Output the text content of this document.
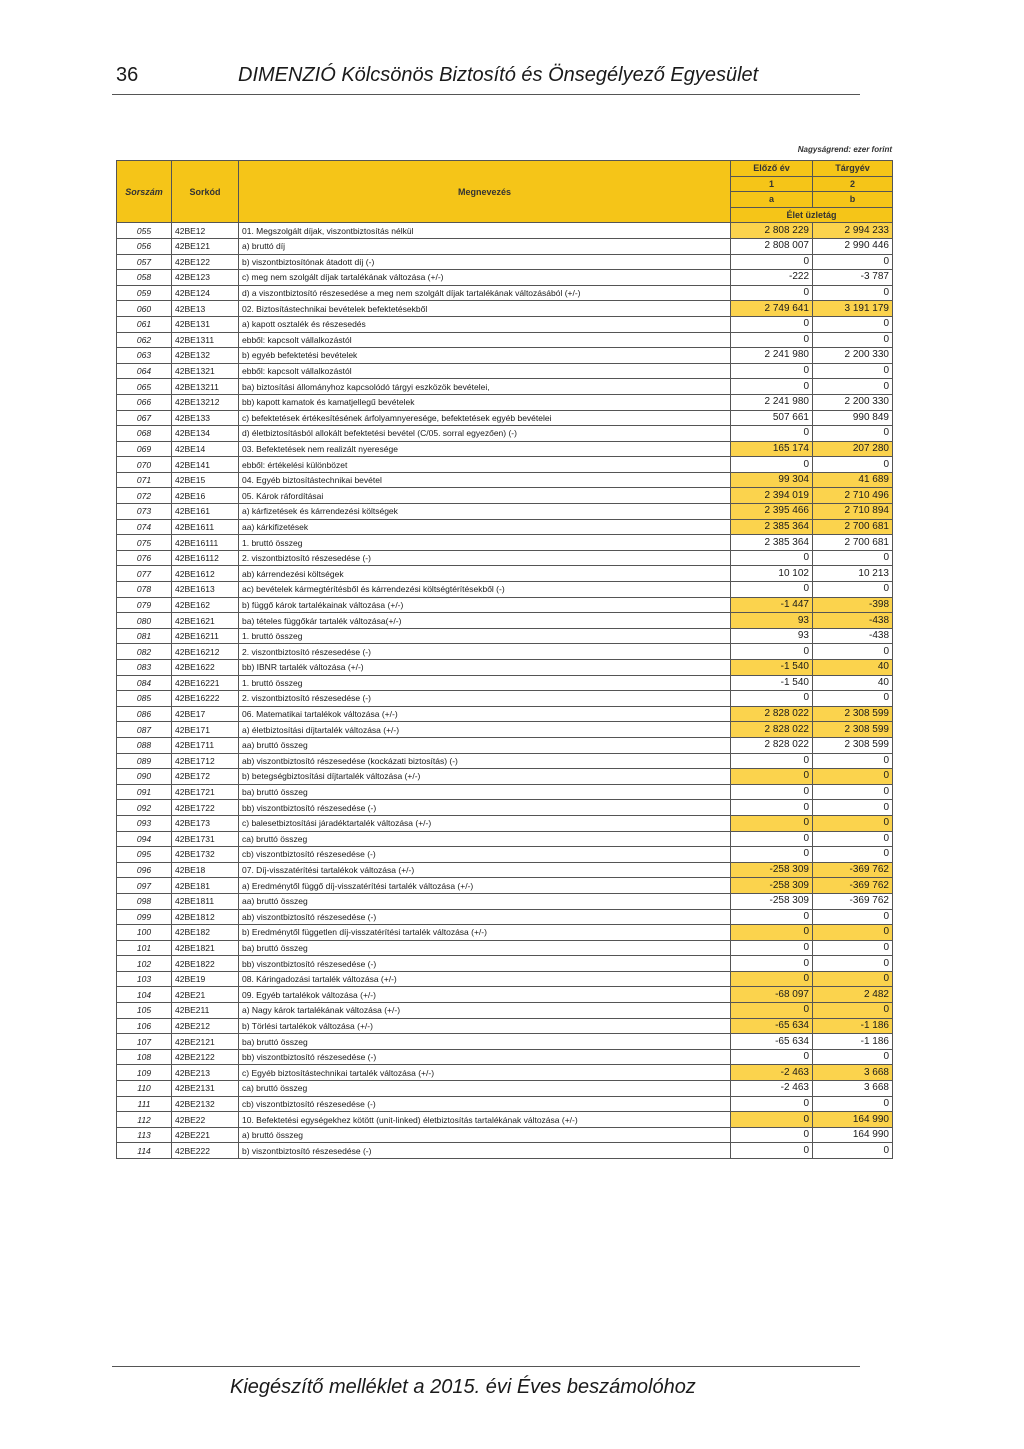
36	DIMENZIÓ Kölcsönös Biztosító és Önsegélyező Egyesület
Nagyságrend: ezer forint
Sorszám	Sorkód	Megnevezés	Előző év	Tárgyév
			1	2
			a	b
			Élet üzletág	
055	42BE12	01. Megszolgált díjak, viszontbiztosítás nélkül	2 808 229	2 994 233
056	42BE121	a) bruttó díj	2 808 007	2 990 446
057	42BE122	b) viszontbiztosítónak átadott díj (-)	0	0
058	42BE123	c) meg nem szolgált díjak tartalékának változása (+/-)	-222	-3 787
059	42BE124	d) a viszontbiztosító részesedése a meg nem szolgált díjak tartalékának változásából (+/-)	0	0
060	42BE13	02. Biztosítástechnikai bevételek befektetésekből	2 749 641	3 191 179
061	42BE131	a) kapott osztalék és részesedés	0	0
062	42BE1311	ebből: kapcsolt vállalkozástól	0	0
063	42BE132	b) egyéb befektetési bevételek	2 241 980	2 200 330
064	42BE1321	ebből: kapcsolt vállalkozástól	0	0
065	42BE13211	ba) biztosítási állományhoz kapcsolódó tárgyi eszközök bevételei,	0	0
066	42BE13212	bb) kapott kamatok és kamatjellegű bevételek	2 241 980	2 200 330
067	42BE133	c) befektetések értékesítésének árfolyamnyeresége, befektetések egyéb bevételei	507 661	990 849
068	42BE134	d) életbiztosításból allokált befektetési bevétel (C/05. sorral egyezően) (-)	0	0
069	42BE14	03. Befektetések nem realizált nyeresége	165 174	207 280
070	42BE141	ebből: értékelési különbözet	0	0
071	42BE15	04. Egyéb biztosítástechnikai bevétel	99 304	41 689
072	42BE16	05. Károk ráfordításai	2 394 019	2 710 496
073	42BE161	a) kárfizetések és kárrendezési költségek	2 395 466	2 710 894
074	42BE1611	aa) kárkifizetések	2 385 364	2 700 681
075	42BE16111	1. bruttó összeg	2 385 364	2 700 681
076	42BE16112	2. viszontbiztosító részesedése (-)	0	0
077	42BE1612	ab) kárrendezési költségek	10 102	10 213
078	42BE1613	ac) bevételek kármegtérítésből és kárrendezési költségtérítésekből (-)	0	0
079	42BE162	b) függő károk tartalékainak változása (+/-)	-1 447	-398
080	42BE1621	ba) tételes függőkár tartalék változása(+/-)	93	-438
081	42BE16211	1. bruttó összeg	93	-438
082	42BE16212	2. viszontbiztosító részesedése (-)	0	0
083	42BE1622	bb) IBNR tartalék változása (+/-)	-1 540	40
084	42BE16221	1. bruttó összeg	-1 540	40
085	42BE16222	2. viszontbiztosító részesedése (-)	0	0
086	42BE17	06. Matematikai tartalékok változása (+/-)	2 828 022	2 308 599
087	42BE171	a) életbiztosítási díjtartalék változása (+/-)	2 828 022	2 308 599
088	42BE1711	aa) bruttó összeg	2 828 022	2 308 599
089	42BE1712	ab) viszontbiztosító részesedése (kockázati biztosítás) (-)	0	0
090	42BE172	b) betegségbiztosítási díjtartalék változása (+/-)	0	0
091	42BE1721	ba) bruttó összeg	0	0
092	42BE1722	bb) viszontbiztosító részesedése (-)	0	0
093	42BE173	c) balesetbiztosítási járadéktartalék változása (+/-)	0	0
094	42BE1731	ca) bruttó összeg	0	0
095	42BE1732	cb) viszontbiztosító részesedése (-)	0	0
096	42BE18	07. Díj-visszatérítési tartalékok változása (+/-)	-258 309	-369 762
097	42BE181	a) Eredménytől függő díj-visszatérítési tartalék változása (+/-)	-258 309	-369 762
098	42BE1811	aa) bruttó összeg	-258 309	-369 762
099	42BE1812	ab) viszontbiztosító részesedése (-)	0	0
100	42BE182	b) Eredménytől független díj-visszatérítési tartalék változása (+/-)	0	0
101	42BE1821	ba) bruttó összeg	0	0
102	42BE1822	bb) viszontbiztosító részesedése (-)	0	0
103	42BE19	08. Káringadozási tartalék változása (+/-)	0	0
104	42BE21	09. Egyéb tartalékok változása (+/-)	-68 097	2 482
105	42BE211	a) Nagy károk tartalékának változása (+/-)	0	0
106	42BE212	b) Törlési tartalékok változása (+/-)	-65 634	-1 186
107	42BE2121	ba) bruttó összeg	-65 634	-1 186
108	42BE2122	bb) viszontbiztosító részesedése (-)	0	0
109	42BE213	c) Egyéb biztosítástechnikai tartalék változása (+/-)	-2 463	3 668
110	42BE2131	ca) bruttó összeg	-2 463	3 668
111	42BE2132	cb) viszontbiztosító részesedése (-)	0	0
112	42BE22	10. Befektetési egységekhez kötött (unit-linked) életbiztosítás tartalékának változása (+/-)	0	164 990
113	42BE221	a) bruttó összeg	0	164 990
114	42BE222	b) viszontbiztosító részesedése (-)	0	0
Kiegészítő melléklet a 2015. évi Éves beszámolóhoz
